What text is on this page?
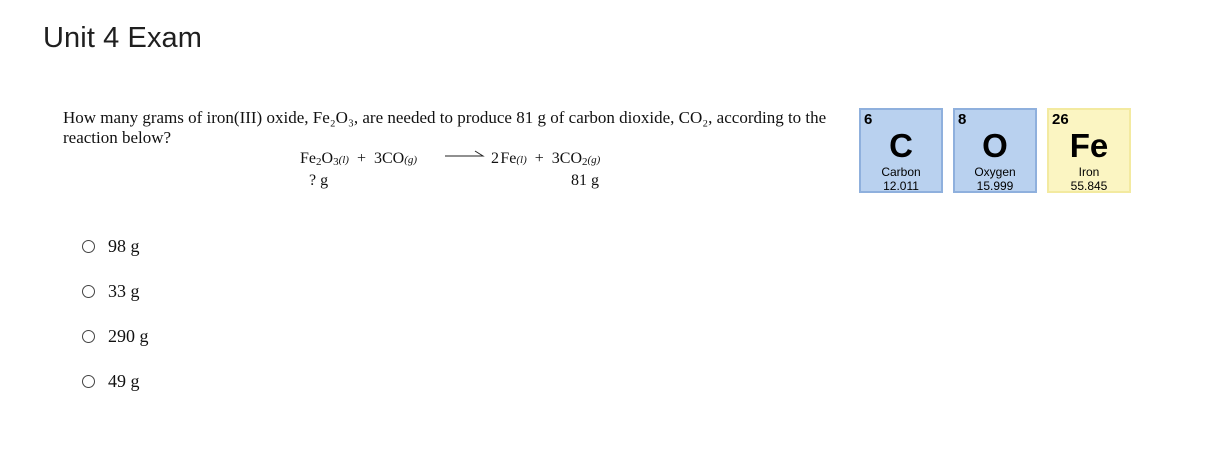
Unit 4 Exam
How many grams of iron(III) oxide, Fe₂O₃, are needed to produce 81 g of carbon dioxide, CO₂, according to the
reaction below?
$Fe_2O_3(l) + 3CO(g) \to 2$ $Fe(l) + 3CO_2(g)$
? g	81 g
6
C
Carbon
12.011
8
O
Oxygen
15.999
26
Fe
Iron
55.845
98 g
33 g
290 g
49 g
